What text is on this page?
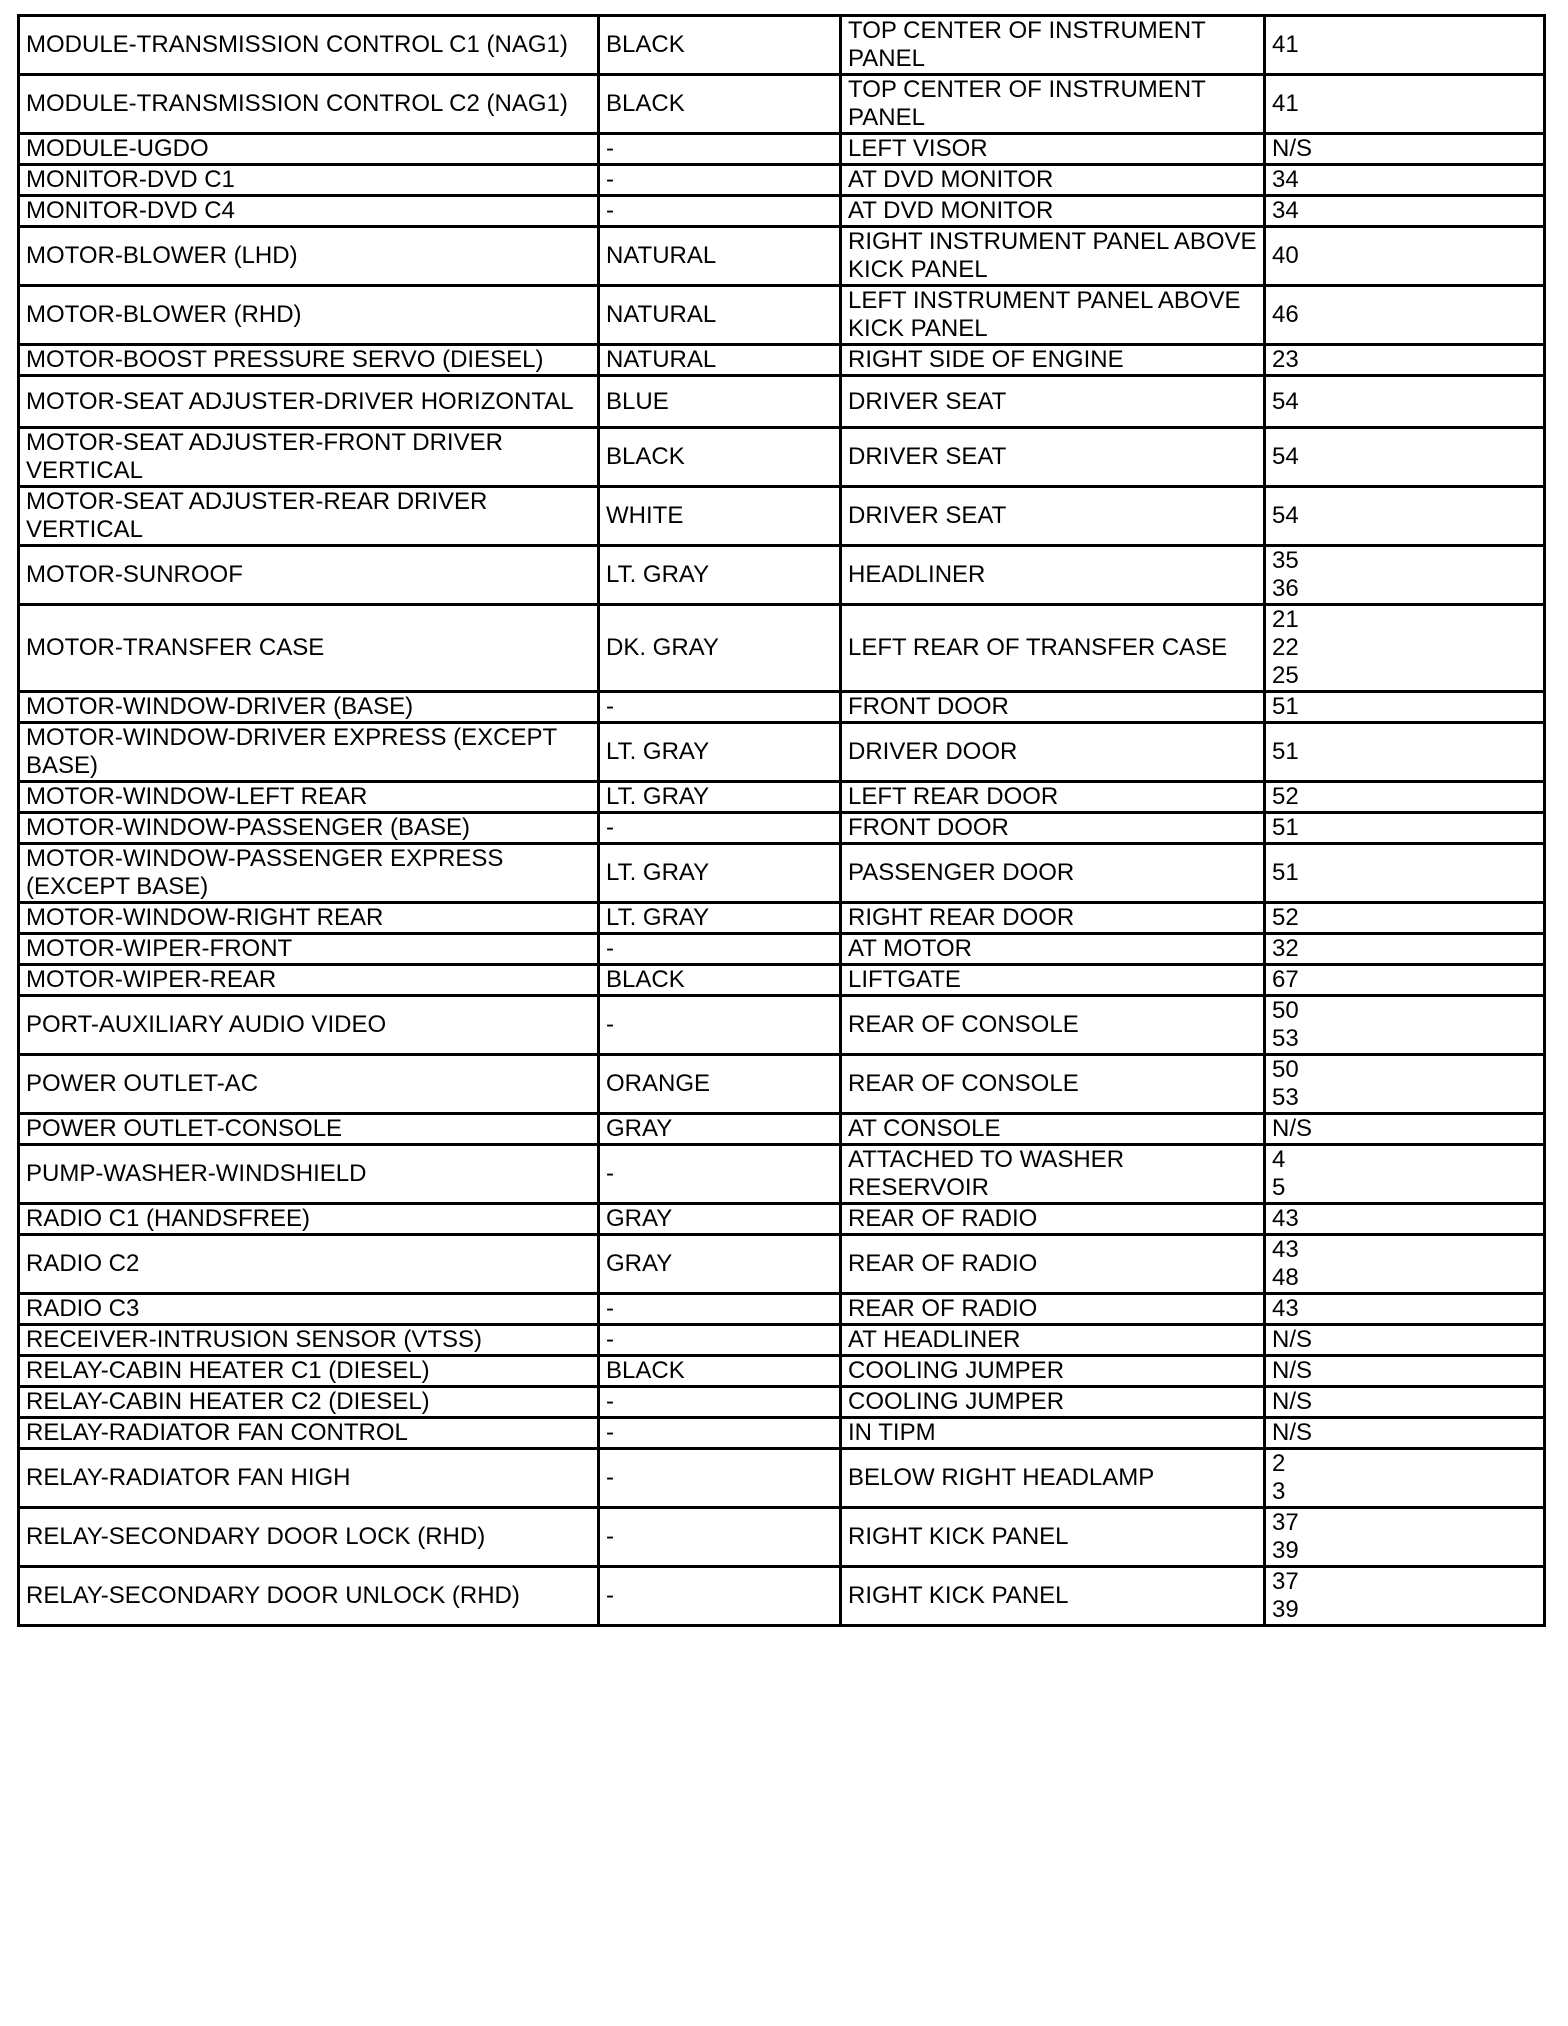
MODULE-TRANSMISSION CONTROL C1 (NAG1)	BLACK	TOP CENTER OF INSTRUMENT PANEL	41

MODULE-TRANSMISSION CONTROL C2 (NAG1)	BLACK	TOP CENTER OF INSTRUMENT PANEL	41

MODULE-UGDO	-	LEFT VISOR	N/S

MONITOR-DVD C1	-	AT DVD MONITOR	34

MONITOR-DVD C4	-	AT DVD MONITOR	34

MOTOR-BLOWER (LHD)	NATURAL	RIGHT INSTRUMENT PANEL ABOVE KICK PANEL	40

MOTOR-BLOWER (RHD)	NATURAL	LEFT INSTRUMENT PANEL ABOVE KICK PANEL	46

MOTOR-BOOST PRESSURE SERVO (DIESEL)	NATURAL	RIGHT SIDE OF ENGINE	23

MOTOR-SEAT ADJUSTER-DRIVER HORIZONTAL	BLUE	DRIVER SEAT	54

MOTOR-SEAT ADJUSTER-FRONT DRIVER VERTICAL	BLACK	DRIVER SEAT	54

MOTOR-SEAT ADJUSTER-REAR DRIVER VERTICAL	WHITE	DRIVER SEAT	54

MOTOR-SUNROOF	LT. GRAY	HEADLINER	35
36

MOTOR-TRANSFER CASE	DK. GRAY	LEFT REAR OF TRANSFER CASE	21
22
25

MOTOR-WINDOW-DRIVER (BASE)	-	FRONT DOOR	51

MOTOR-WINDOW-DRIVER EXPRESS (EXCEPT BASE)	LT. GRAY	DRIVER DOOR	51

MOTOR-WINDOW-LEFT REAR	LT. GRAY	LEFT REAR DOOR	52

MOTOR-WINDOW-PASSENGER (BASE)	-	FRONT DOOR	51

MOTOR-WINDOW-PASSENGER EXPRESS (EXCEPT BASE)	LT. GRAY	PASSENGER DOOR	51

MOTOR-WINDOW-RIGHT REAR	LT. GRAY	RIGHT REAR DOOR	52

MOTOR-WIPER-FRONT	-	AT MOTOR	32

MOTOR-WIPER-REAR	BLACK	LIFTGATE	67

PORT-AUXILIARY AUDIO VIDEO	-	REAR OF CONSOLE	50
53

POWER OUTLET-AC	ORANGE	REAR OF CONSOLE	50
53

POWER OUTLET-CONSOLE	GRAY	AT CONSOLE	N/S

PUMP-WASHER-WINDSHIELD	-	ATTACHED TO WASHER RESERVOIR	4
5

RADIO C1 (HANDSFREE)	GRAY	REAR OF RADIO	43

RADIO C2	GRAY	REAR OF RADIO	43
48

RADIO C3	-	REAR OF RADIO	43

RECEIVER-INTRUSION SENSOR (VTSS)	-	AT HEADLINER	N/S

RELAY-CABIN HEATER C1 (DIESEL)	BLACK	COOLING JUMPER	N/S

RELAY-CABIN HEATER C2 (DIESEL)	-	COOLING JUMPER	N/S

RELAY-RADIATOR FAN CONTROL	-	IN TIPM	N/S

RELAY-RADIATOR FAN HIGH	-	BELOW RIGHT HEADLAMP	2
3

RELAY-SECONDARY DOOR LOCK (RHD)	-	RIGHT KICK PANEL	37
39

RELAY-SECONDARY DOOR UNLOCK (RHD)	-	RIGHT KICK PANEL	37
39
